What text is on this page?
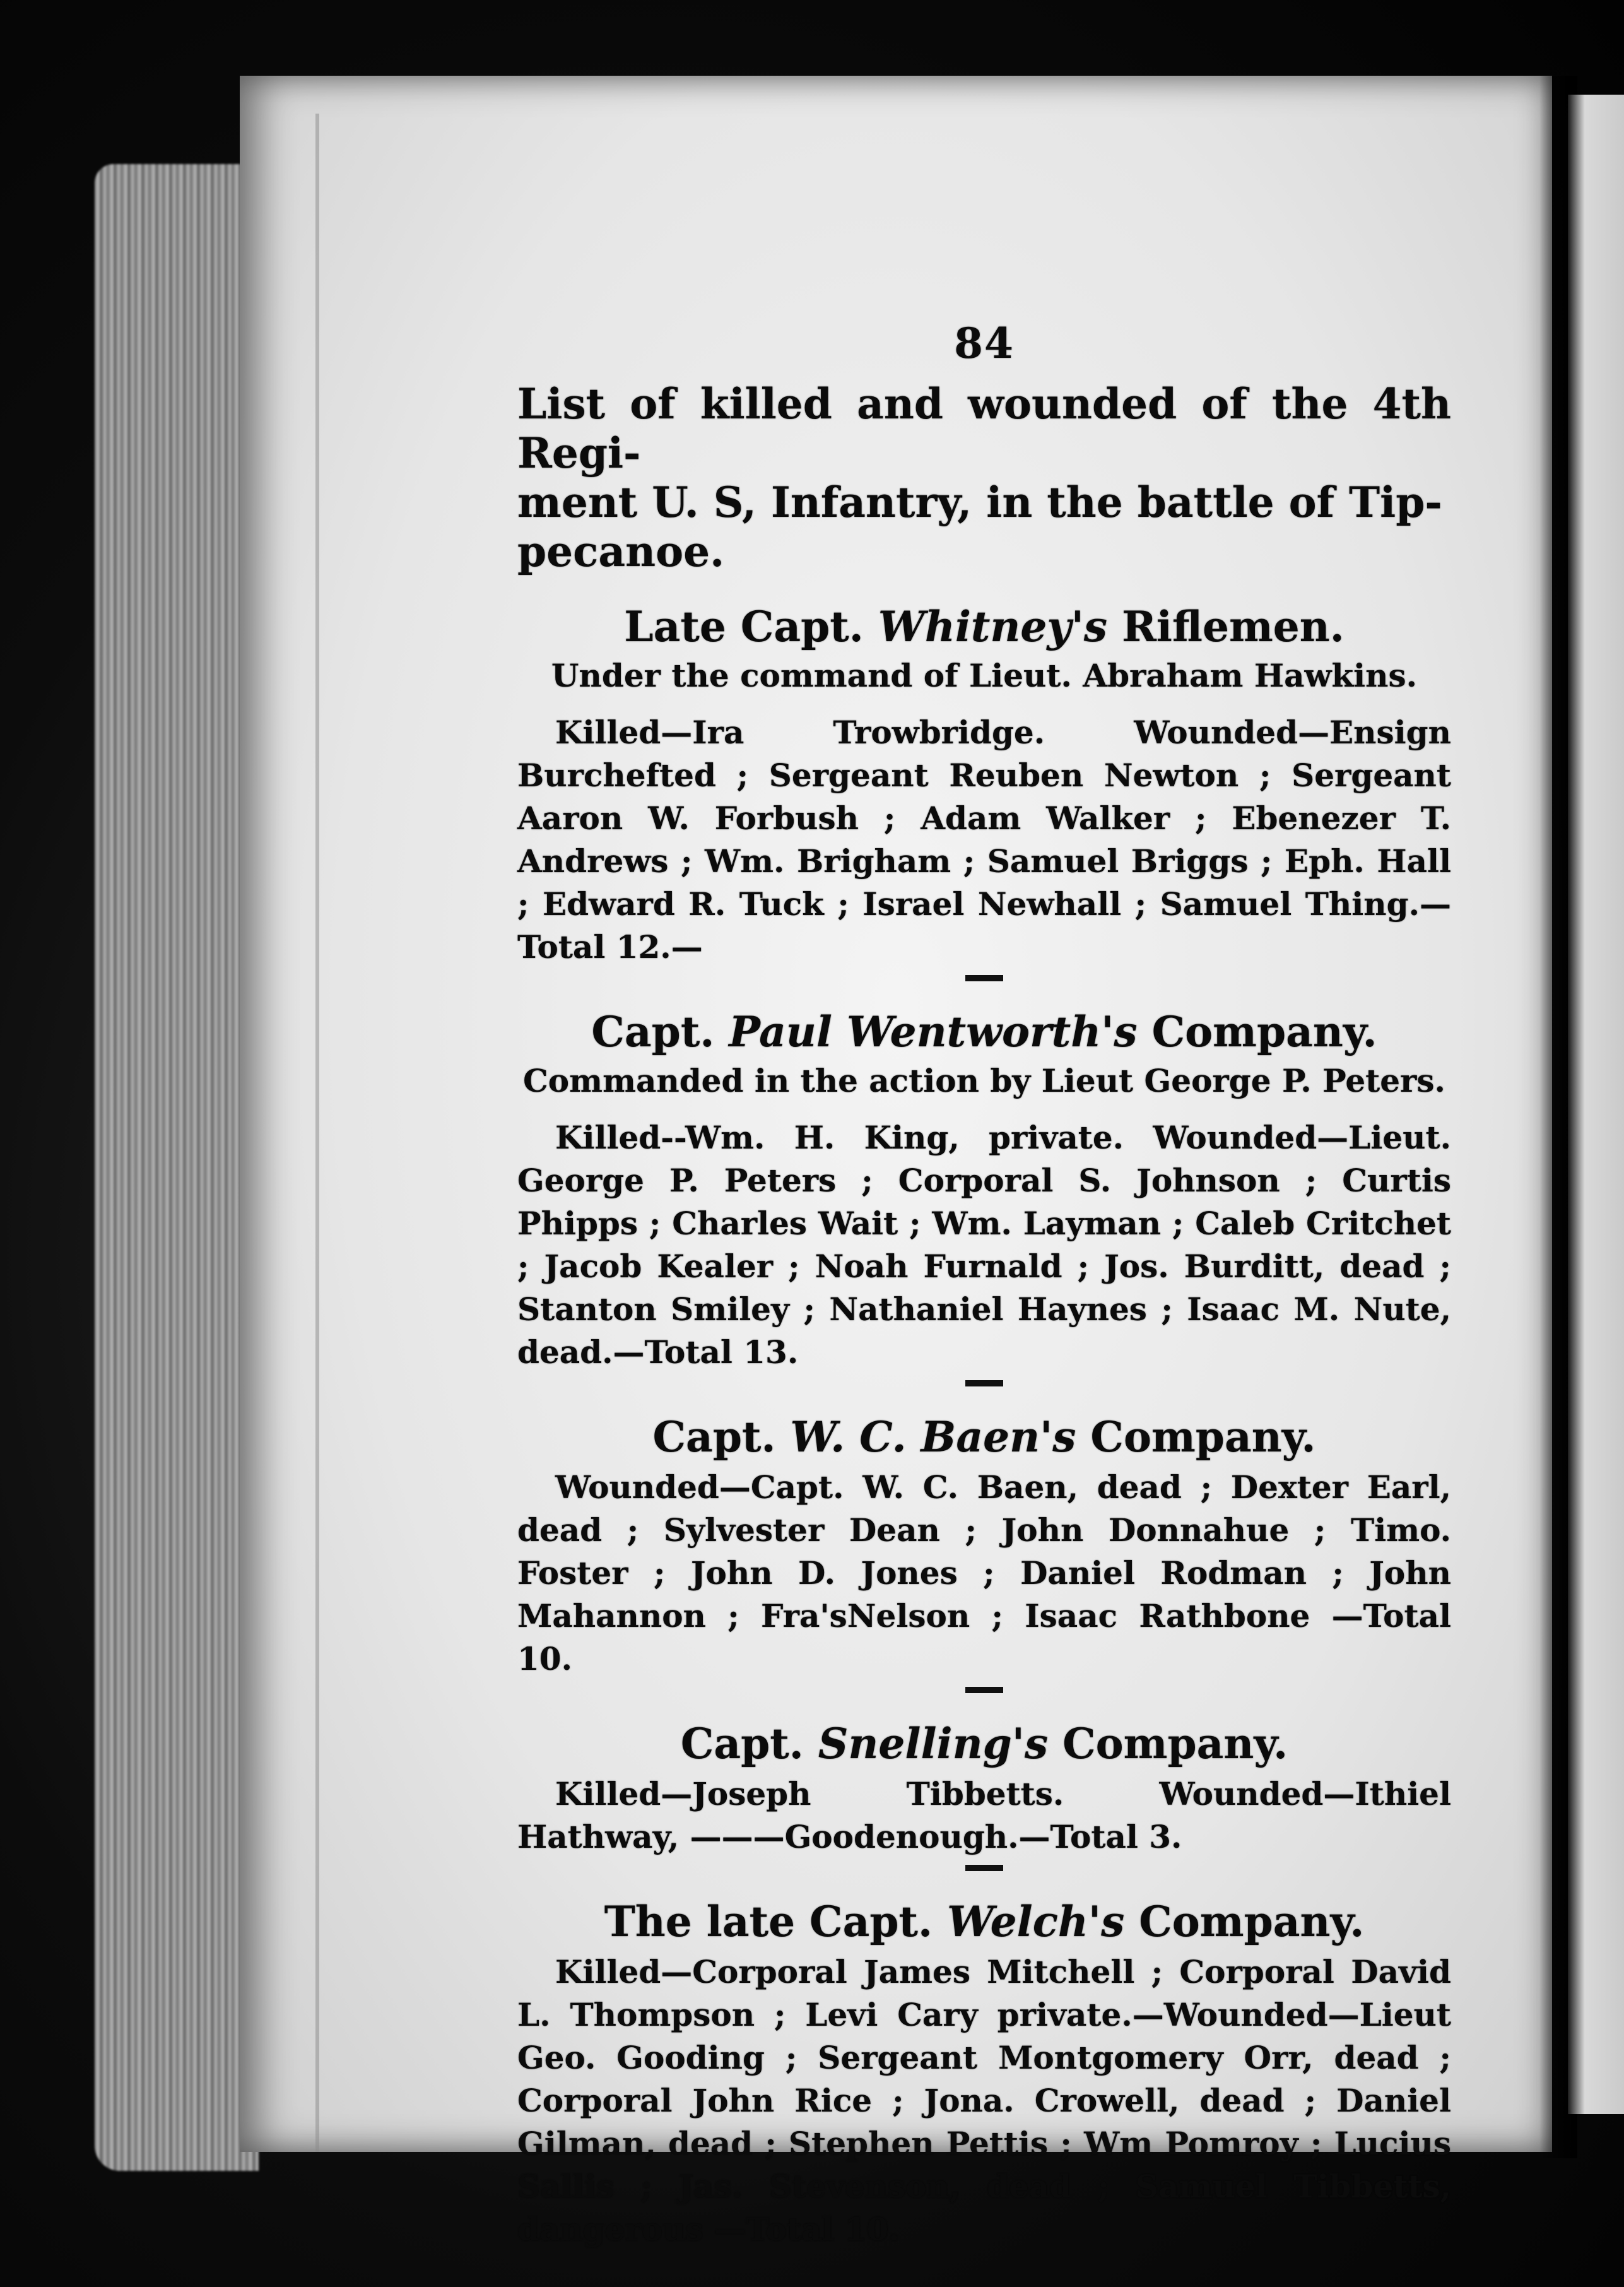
84

List of killed and wounded of the 4th Regi-

ment U. S, Infantry, in the battle of Tip-

pecanoe.

Late Capt. Whitney's Riflemen.
Under the command of Lieut. Abraham Hawkins.

Killed—Ira Trowbridge. Wounded—Ensign Burchefted ; Sergeant Reuben Newton ; Sergeant Aaron W. Forbush ; Adam Walker ; Ebenezer T. Andrews ; Wm. Brigham ; Samuel Briggs ; Eph. Hall ; Edward R. Tuck ; Israel Newhall ; Samuel Thing.—Total 12.—

Capt. Paul Wentworth's Company.
Commanded in the action by Lieut George P. Peters.

Killed--Wm. H. King, private. Wounded—Lieut. George P. Peters ; Corporal S. Johnson ; Curtis Phipps ; Charles Wait ; Wm. Layman ; Caleb Critchet ; Jacob Kealer ; Noah Furnald ; Jos. Burditt, dead ; Stanton Smiley ; Nathaniel Haynes ; Isaac M. Nute, dead.—Total 13.

Capt. W. C. Baen's Company.

Wounded—Capt. W. C. Baen, dead ; Dexter Earl, dead ; Sylvester Dean ; John Donnahue ; Timo. Foster ; John D. Jones ; Daniel Rodman ; John Mahannon ; Fra'sNelson ; Isaac Rathbone —Total 10.

Capt. Snelling's Company.

Killed—Joseph Tibbetts. Wounded—Ithiel Hathway, ———Goodenough.—Total 3.

The late Capt. Welch's Company.

Killed—Corporal James Mitchell ; Corporal David L. Thompson ; Levi Cary private.—Wounded—Lieut Geo. Gooding ; Sergeant Montgomery Orr, dead ; Corporal John Rice ; Jona. Crowell, dead ; Daniel Gilman, dead ; Stephen Pettis ; Wm Pomroy ; Lucius Sallis ; Jas. Stevenson, dead ; Samuel Tibbetts, dangerous —Total 10.
